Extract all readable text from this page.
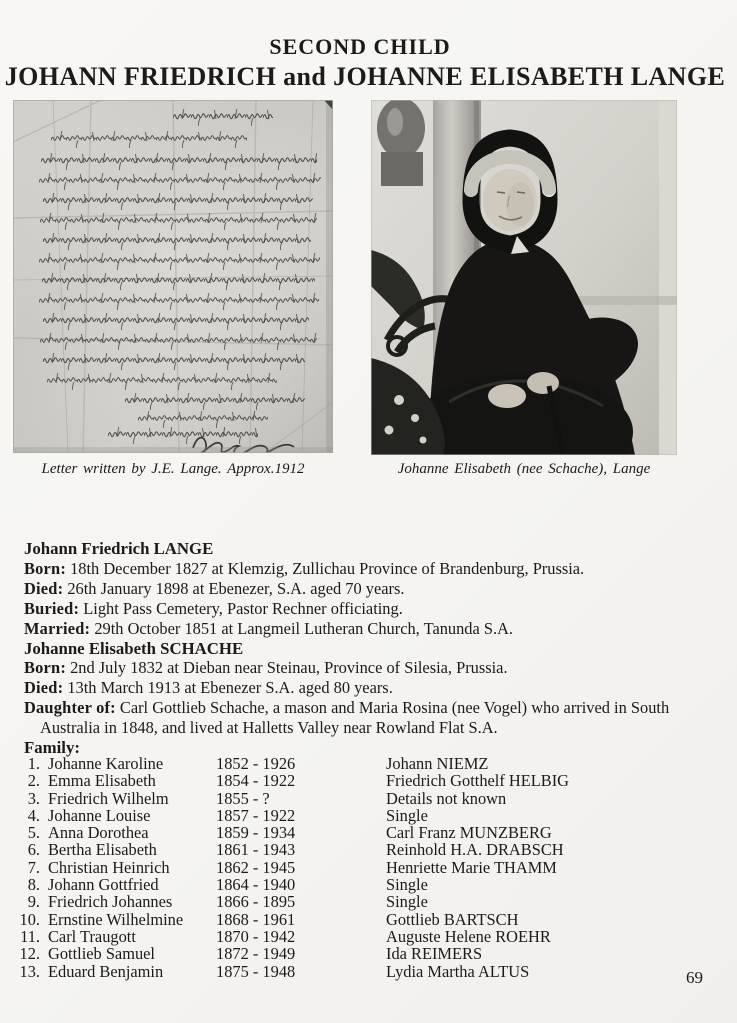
SECOND CHILD
JOHANN FRIEDRICH and JOHANNE ELISABETH LANGE
Letter written by J.E. Lange. Approx.1912	Johanne Elisabeth (nee Schache), Lange
Johann Friedrich LANGE

Born: 18th December 1827 at Klemzig, Zullichau Province of Brandenburg, Prussia.

Died: 26th January 1898 at Ebenezer, S.A. aged 70 years.

Buried: Light Pass Cemetery, Pastor Rechner officiating.

Married: 29th October 1851 at Langmeil Lutheran Church, Tanunda S.A.

Johanne Elisabeth SCHACHE

Born: 2nd July 1832 at Dieban near Steinau, Province of Silesia, Prussia.

Died: 13th March 1913 at Ebenezer S.A. aged 80 years.

Daughter of: Carl Gottlieb Schache, a mason and Maria Rosina (nee Vogel) who arrived in South Australia in 1848, and lived at Halletts Valley near Rowland Flat S.A.

Family:

1. Johanne Karoline	1852 - 1926	Johann NIEMZ
2. Emma Elisabeth	1854 - 1922	Friedrich Gotthelf HELBIG
3. Friedrich Wilhelm	1855 - ?	Details not known
4. Johanne Louise	1857 - 1922	Single
5. Anna Dorothea	1859 - 1934	Carl Franz MUNZBERG
6. Bertha Elisabeth	1861 - 1943	Reinhold H.A. DRABSCH
7. Christian Heinrich	1862 - 1945	Henriette Marie THAMM
8. Johann Gottfried	1864 - 1940	Single
9. Friedrich Johannes	1866 - 1895	Single
10. Ernstine Wilhelmine	1868 - 1961	Gottlieb BARTSCH
11. Carl Traugott	1870 - 1942	Auguste Helene ROEHR
12. Gottlieb Samuel	1872 - 1949	Ida REIMERS
13. Eduard Benjamin	1875 - 1948	Lydia Martha ALTUS	69
